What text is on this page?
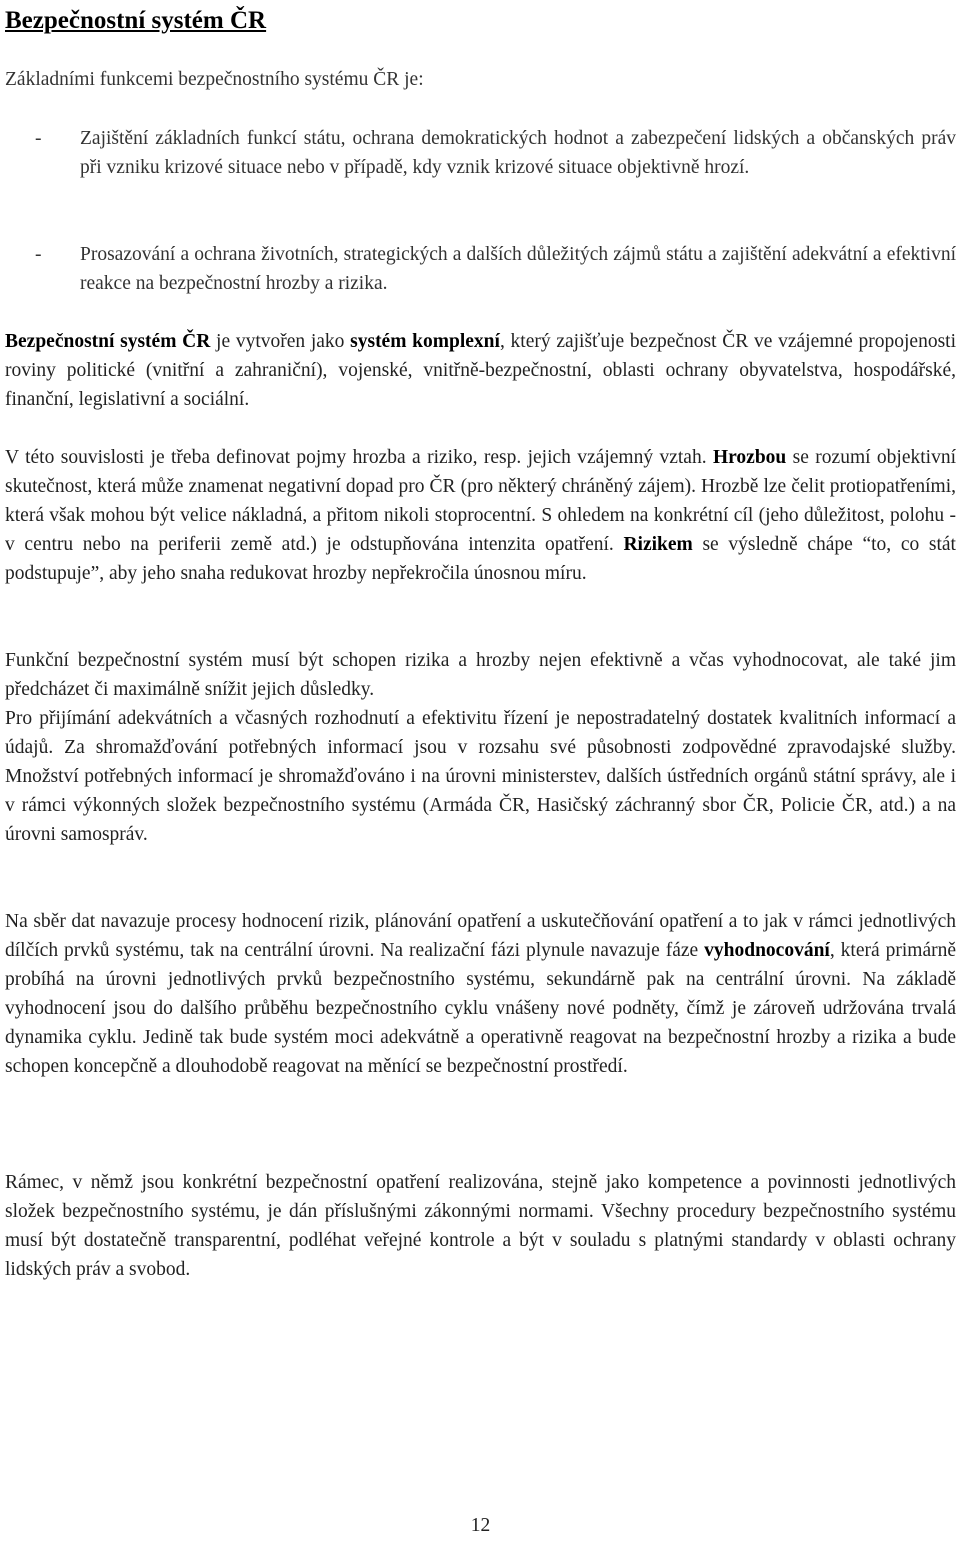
Bezpečnostní systém ČR

Základními funkcemi bezpečnostního systému ČR je:

- Zajištění základních funkcí státu, ochrana demokratických hodnot a zabezpečení lidských a občanských práv při vzniku krizové situace nebo v případě, kdy vznik krizové situace objektivně hrozí.
- Prosazování a ochrana životních, strategických a dalších důležitých zájmů státu a zajištění adekvátní a efektivní reakce na bezpečnostní hrozby a rizika.

Bezpečnostní systém ČR je vytvořen jako systém komplexní, který zajišťuje bezpečnost ČR ve vzájemné propojenosti roviny politické (vnitřní a zahraniční), vojenské, vnitřně-bezpečnostní, oblasti ochrany obyvatelstva, hospodářské, finanční, legislativní a sociální.

V této souvislosti je třeba definovat pojmy hrozba a riziko, resp. jejich vzájemný vztah. Hrozbou se rozumí objektivní skutečnost, která může znamenat negativní dopad pro ČR (pro některý chráněný zájem). Hrozbě lze čelit protiopatřeními, která však mohou být velice nákladná, a přitom nikoli stoprocentní. S ohledem na konkrétní cíl (jeho důležitost, polohu - v centru nebo na periferii země atd.) je odstupňována intenzita opatření. Rizikem se výsledně chápe “to, co stát podstupuje”, aby jeho snaha redukovat hrozby nepřekročila únosnou míru.

Funkční bezpečnostní systém musí být schopen rizika a hrozby nejen efektivně a včas vyhodnocovat, ale také jim předcházet či maximálně snížit jejich důsledky.

Pro přijímání adekvátních a včasných rozhodnutí a efektivitu řízení je nepostradatelný dostatek kvalitních informací a údajů. Za shromažďování potřebných informací jsou v rozsahu své působnosti zodpovědné zpravodajské služby. Množství potřebných informací je shromažďováno i na úrovni ministerstev, dalších ústředních orgánů státní správy, ale i v rámci výkonných složek bezpečnostního systému (Armáda ČR, Hasičský záchranný sbor ČR, Policie ČR, atd.) a na úrovni samospráv.

Na sběr dat navazuje procesy hodnocení rizik, plánování opatření a uskutečňování opatření a to jak v rámci jednotlivých dílčích prvků systému, tak na centrální úrovni. Na realizační fázi plynule navazuje fáze vyhodnocování, která primárně probíhá na úrovni jednotlivých prvků bezpečnostního systému, sekundárně pak na centrální úrovni. Na základě vyhodnocení jsou do dalšího průběhu bezpečnostního cyklu vnášeny nové podněty, čímž je zároveň udržována trvalá dynamika cyklu. Jedině tak bude systém moci adekvátně a operativně reagovat na bezpečnostní hrozby a rizika a bude schopen koncepčně a dlouhodobě reagovat na měnící se bezpečnostní prostředí.

Rámec, v němž jsou konkrétní bezpečnostní opatření realizována, stejně jako kompetence a povinnosti jednotlivých složek bezpečnostního systému, je dán příslušnými zákonnými normami. Všechny procedury bezpečnostního systému musí být dostatečně transparentní, podléhat veřejné kontrole a být v souladu s platnými standardy v oblasti ochrany lidských práv a svobod.

12
